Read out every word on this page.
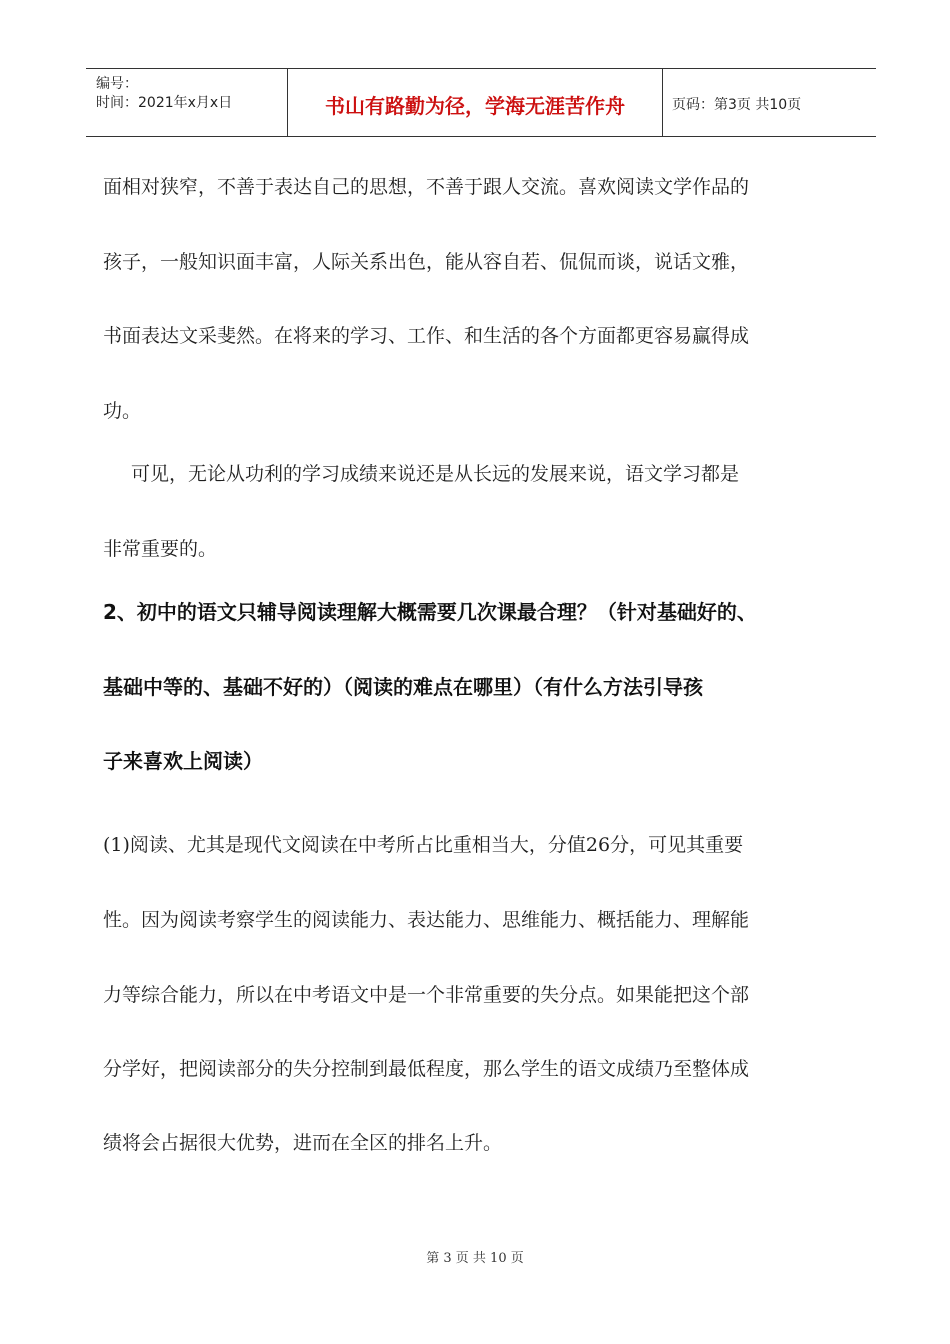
编号：
时间：2021年x月x日	书山有路勤为径，学海无涯苦作舟	页码：第3页 共10页
面相对狭窄，不善于表达自己的思想，不善于跟人交流。喜欢阅读文学作品的
孩子，一般知识面丰富，人际关系出色，能从容自若、侃侃而谈，说话文雅，
书面表达文采斐然。在将来的学习、工作、和生活的各个方面都更容易赢得成
功。
　可见，无论从功利的学习成绩来说还是从长远的发展来说，语文学习都是
非常重要的。
2、初中的语文只辅导阅读理解大概需要几次课最合理？（针对基础好的、
基础中等的、基础不好的）（阅读的难点在哪里）（有什么方法引导孩
子来喜欢上阅读）
(1)阅读、尤其是现代文阅读在中考所占比重相当大，分值26分，可见其重要
性。因为阅读考察学生的阅读能力、表达能力、思维能力、概括能力、理解能
力等综合能力，所以在中考语文中是一个非常重要的失分点。如果能把这个部
分学好，把阅读部分的失分控制到最低程度，那么学生的语文成绩乃至整体成
绩将会占据很大优势，进而在全区的排名上升。
第 3 页 共 10 页
